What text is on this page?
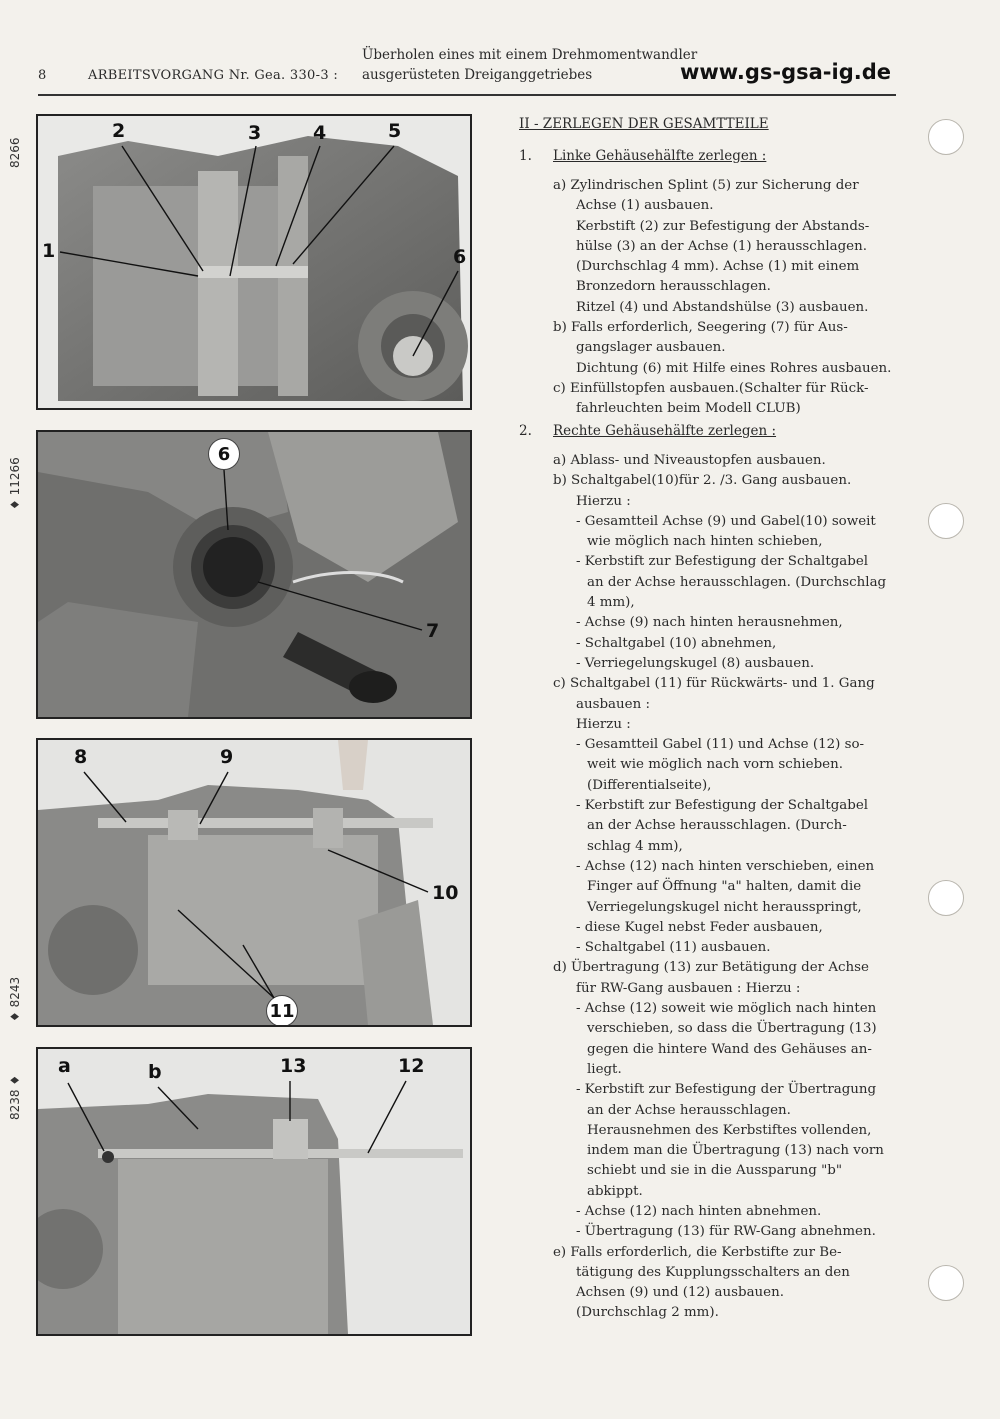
8	ARBEITSVORGANG Nr. Gea. 330-3 :
Überholen eines mit einem Drehmomentwandler
ausgerüsteten Dreiganggetriebes	www.gs-gsa-ig.de
8266
♦ 11266
♦ 8243
8238 ♦
2	3	4	5
1	6
6
7
8	9
10
11
a	b	13	12
II - ZERLEGEN DER GESAMTTEILE
1. Linke Gehäusehälfte zerlegen :
a) Zylindrischen Splint (5) zur Sicherung der
Achse (1) ausbauen.
Kerbstift (2) zur Befestigung der Abstands-
hülse (3) an der Achse (1) herausschlagen.
(Durchschlag 4 mm). Achse (1) mit einem
Bronzedorn herausschlagen.
Ritzel (4) und Abstandshülse (3) ausbauen.
b) Falls erforderlich, Seegering (7) für Aus-
gangslager ausbauen.
Dichtung (6) mit Hilfe eines Rohres ausbauen.
c) Einfüllstopfen ausbauen.(Schalter für Rück-
fahrleuchten beim Modell CLUB)
2. Rechte Gehäusehälfte zerlegen :
a) Ablass- und Niveaustopfen ausbauen.
b) Schaltgabel(10)für 2. /3. Gang ausbauen.
Hierzu :
- Gesamtteil Achse (9) und Gabel(10) soweit
wie möglich nach hinten schieben,
- Kerbstift zur Befestigung der Schaltgabel
an der Achse herausschlagen. (Durchschlag
4 mm),
- Achse (9) nach hinten herausnehmen,
- Schaltgabel (10) abnehmen,
- Verriegelungskugel (8) ausbauen.
c) Schaltgabel (11) für Rückwärts- und 1. Gang
ausbauen :
Hierzu :
- Gesamtteil Gabel (11) und Achse (12) so-
weit wie möglich nach vorn schieben.
(Differentialseite),
- Kerbstift zur Befestigung der Schaltgabel
an der Achse herausschlagen. (Durch-
schlag 4 mm),
- Achse (12) nach hinten verschieben, einen
Finger auf Öffnung "a" halten, damit die
Verriegelungskugel nicht herausspringt,
- diese Kugel nebst Feder ausbauen,
- Schaltgabel (11) ausbauen.
d) Übertragung (13) zur Betätigung der Achse
für RW-Gang ausbauen : Hierzu :
- Achse (12) soweit wie möglich nach hinten
verschieben, so dass die Übertragung (13)
gegen die hintere Wand des Gehäuses an-
liegt.
- Kerbstift zur Befestigung der Übertragung
an der Achse herausschlagen.
Herausnehmen des Kerbstiftes vollenden,
indem man die Übertragung (13) nach vorn
schiebt und sie in die Aussparung "b"
abkippt.
- Achse (12) nach hinten abnehmen.
- Übertragung (13) für RW-Gang abnehmen.
e) Falls erforderlich, die Kerbstifte zur Be-
tätigung des Kupplungsschalters an den
Achsen (9) und (12) ausbauen.
(Durchschlag 2 mm).
